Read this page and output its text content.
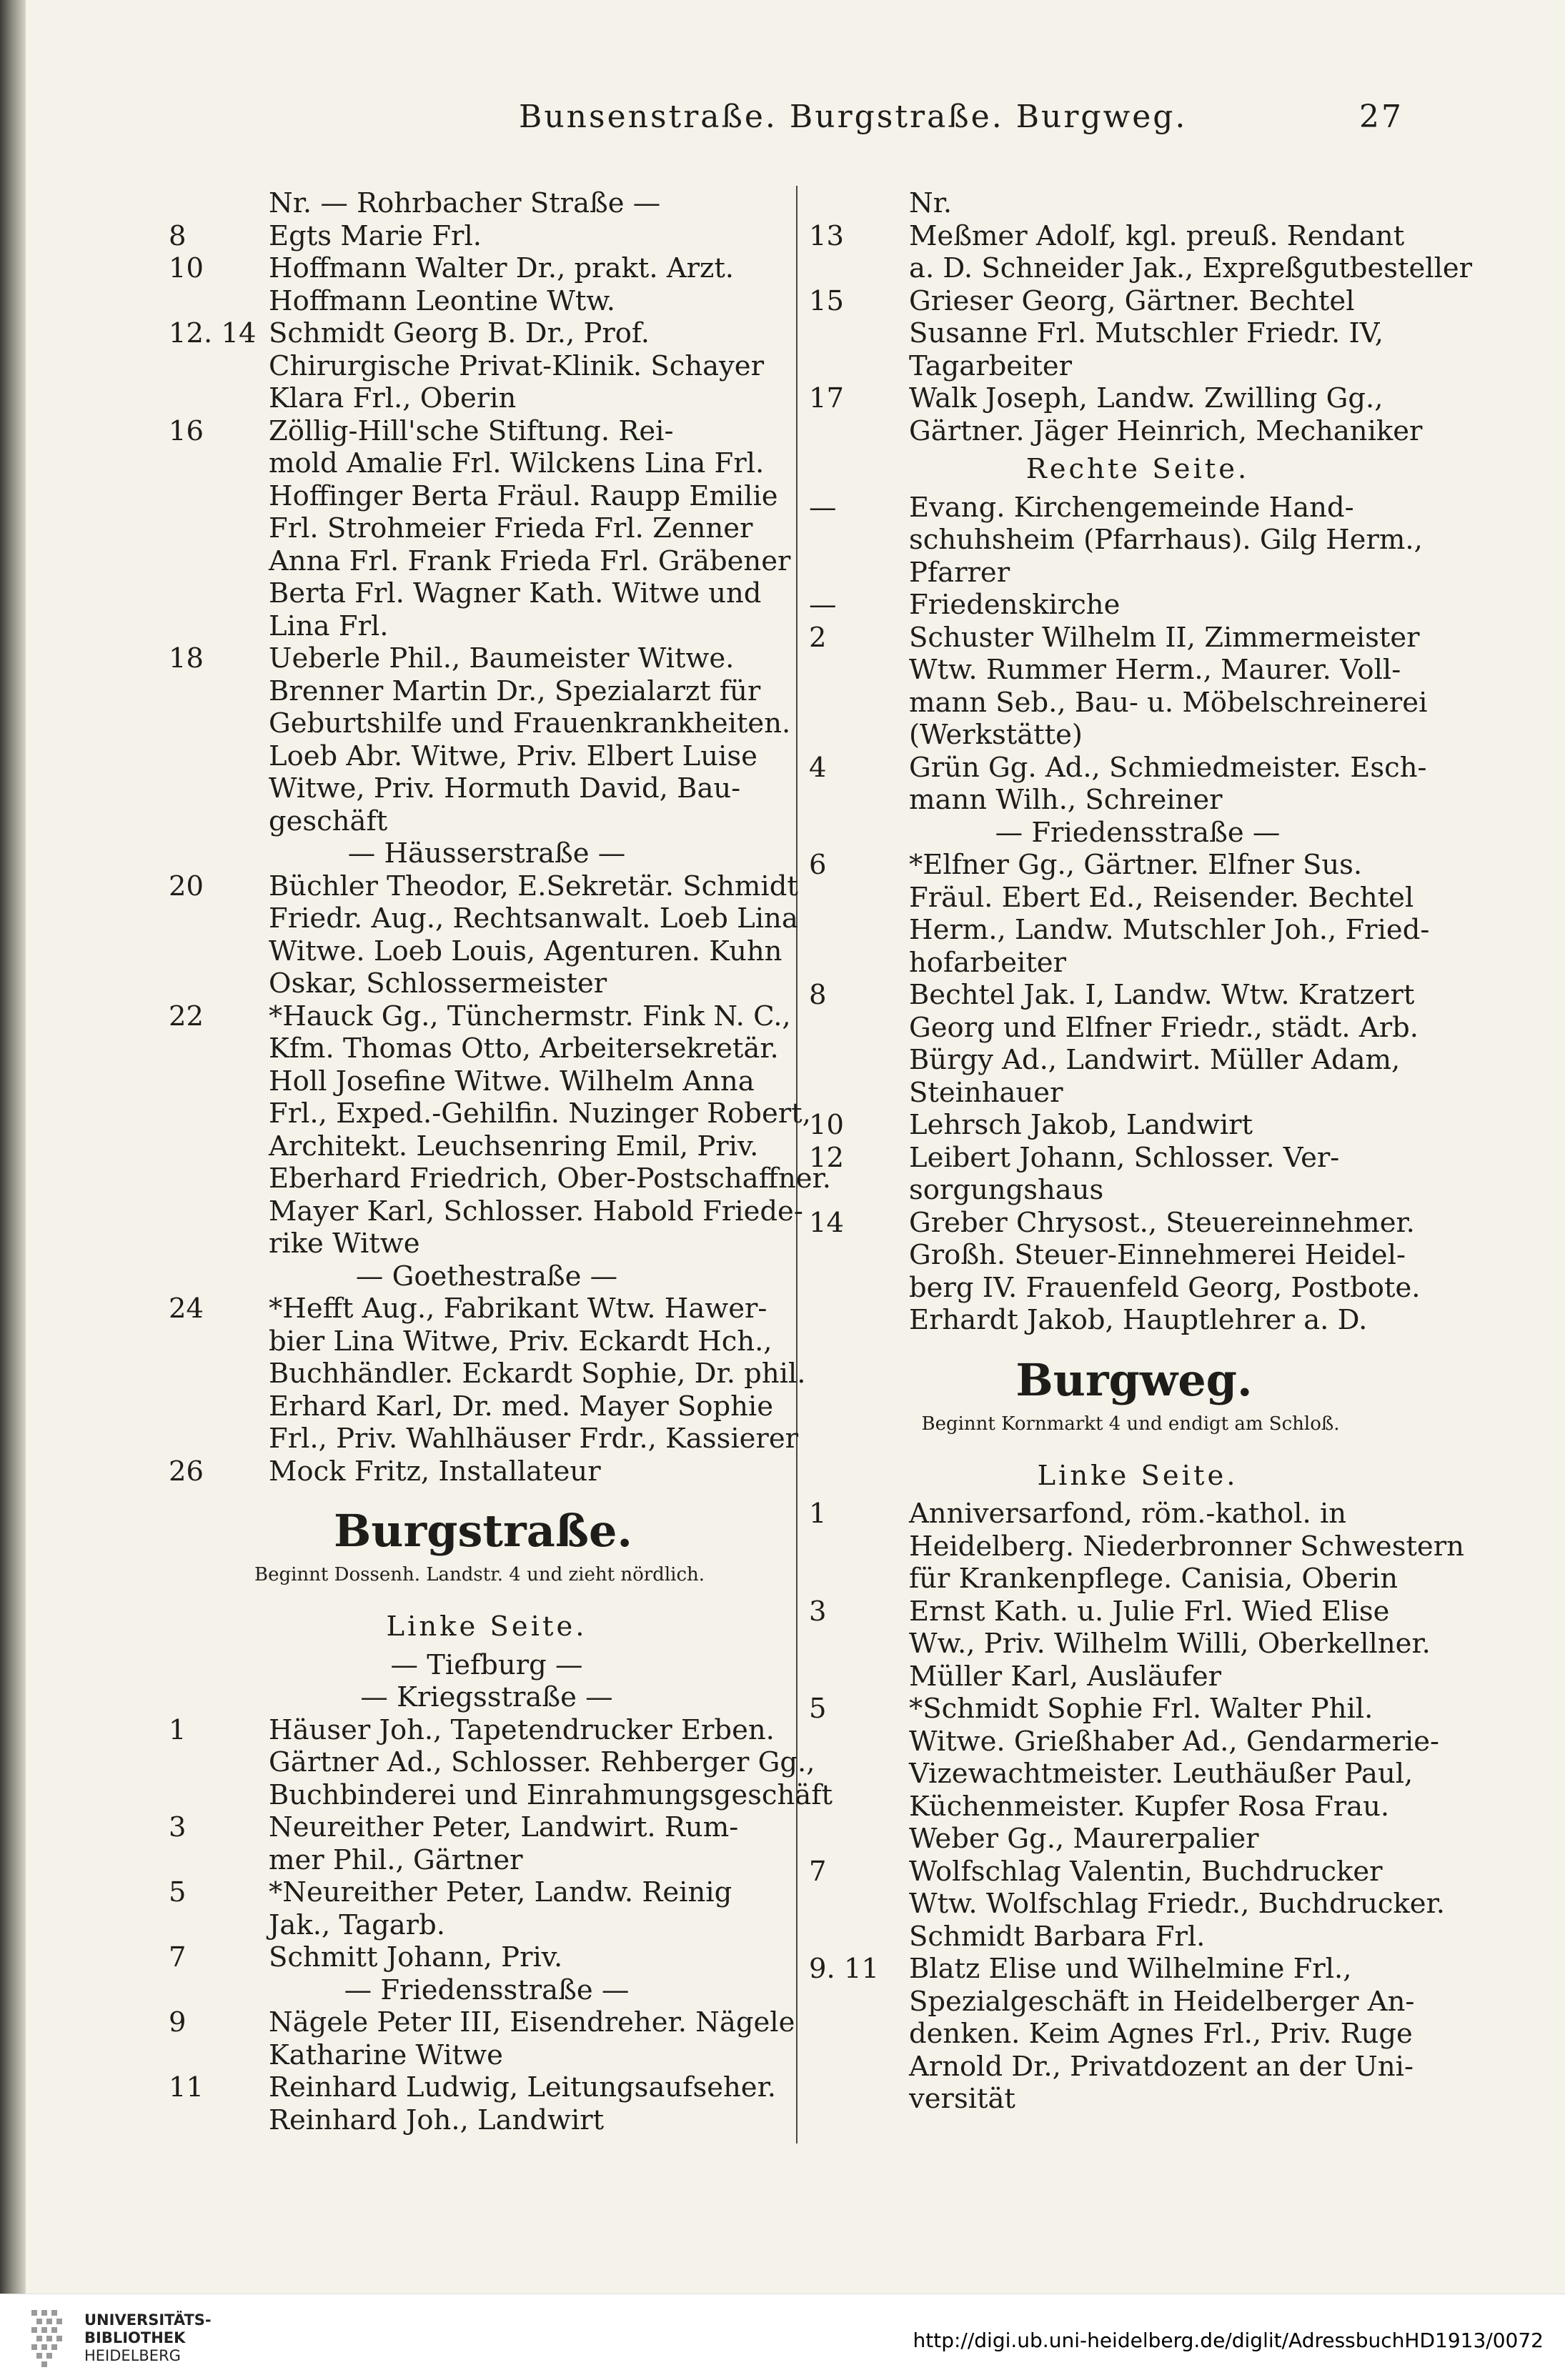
Bunsenstraße. Burgstraße. Burgweg.	27
Nr. — Rohrbacher Straße —
8	Egts Marie Frl.
10 Hoffmann Walter Dr., prakt. Arzt.
Hoffmann Leontine Wtw.
12. 14 Schmidt Georg B. Dr., Prof.
Chirurgische Privat-Klinik. Schayer
Klara Frl., Oberin
16 Zöllig-Hill'sche Stiftung. Rei-
mold Amalie Frl. Wilckens Lina Frl.
Hoffinger Berta Fräul. Raupp Emilie
Frl. Strohmeier Frieda Frl. Zenner
Anna Frl. Frank Frieda Frl. Gräbener
Berta Frl. Wagner Kath. Witwe und
Lina Frl.
18 Ueberle Phil., Baumeister Witwe.
Brenner Martin Dr., Spezialarzt für
Geburtshilfe und Frauenkrankheiten.
Loeb Abr. Witwe, Priv. Elbert Luise
Witwe, Priv. Hormuth David, Bau-
geschäft
— Häusserstraße —
20 Büchler Theodor, E.Sekretär. Schmidt
Friedr. Aug., Rechtsanwalt. Loeb Lina
Witwe. Loeb Louis, Agenturen. Kuhn
Oskar, Schlossermeister
22 *Hauck Gg., Tünchermstr. Fink N. C.,
Kfm. Thomas Otto, Arbeitersekretär.
Holl Josefine Witwe. Wilhelm Anna
Frl., Exped.-Gehilfin. Nuzinger Robert,
Architekt. Leuchsenring Emil, Priv.
Eberhard Friedrich, Ober-Postschaffner.
Mayer Karl, Schlosser. Habold Friede-
rike Witwe
— Goethestraße —
24 *Hefft Aug., Fabrikant Wtw. Hawer-
bier Lina Witwe, Priv. Eckardt Hch.,
Buchhändler. Eckardt Sophie, Dr. phil.
Erhard Karl, Dr. med. Mayer Sophie
Frl., Priv. Wahlhäuser Frdr., Kassierer
26 Mock Fritz, Installateur
Burgstraße.
Beginnt Dossenh. Landstr. 4 und zieht nördlich.
Linke Seite.
— Tiefburg —
— Kriegsstraße —
1	Häuser Joh., Tapetendrucker Erben.
Gärtner Ad., Schlosser. Rehberger Gg.,
Buchbinderei und Einrahmungsgeschäft
3	Neureither Peter, Landwirt. Rum-
mer Phil., Gärtner
5	*Neureither Peter, Landw. Reinig
Jak., Tagarb.
7	Schmitt Johann, Priv.
— Friedensstraße —
9	Nägele Peter III, Eisendreher. Nägele
Katharine Witwe
11 Reinhard Ludwig, Leitungsaufseher.
Reinhard Joh., Landwirt
Nr.
13 Meßmer Adolf, kgl. preuß. Rendant
a. D. Schneider Jak., Expreßgutbesteller
15 Grieser Georg, Gärtner. Bechtel
Susanne Frl. Mutschler Friedr. IV,
Tagarbeiter
17 Walk Joseph, Landw. Zwilling Gg.,
Gärtner. Jäger Heinrich, Mechaniker
Rechte Seite.
—	Evang. Kirchengemeinde Hand-
schuhsheim (Pfarrhaus). Gilg Herm.,
Pfarrer
—	Friedenskirche
2	Schuster Wilhelm II, Zimmermeister
Wtw. Rummer Herm., Maurer. Voll-
mann Seb., Bau- u. Möbelschreinerei
(Werkstätte)
4	Grün Gg. Ad., Schmiedmeister. Esch-
mann Wilh., Schreiner
— Friedensstraße —
6	*Elfner Gg., Gärtner. Elfner Sus.
Fräul. Ebert Ed., Reisender. Bechtel
Herm., Landw. Mutschler Joh., Fried-
hofarbeiter
8	Bechtel Jak. I, Landw. Wtw. Kratzert
Georg und Elfner Friedr., städt. Arb.
Bürgy Ad., Landwirt. Müller Adam,
Steinhauer
10 Lehrsch Jakob, Landwirt
12 Leibert Johann, Schlosser. Ver-
sorgungshaus
14 Greber Chrysost., Steuereinnehmer.
Großh. Steuer-Einnehmerei Heidel-
berg IV. Frauenfeld Georg, Postbote.
Erhardt Jakob, Hauptlehrer a. D.
Burgweg.
Beginnt Kornmarkt 4 und endigt am Schloß.
Linke Seite.
1	Anniversarfond, röm.-kathol. in
Heidelberg. Niederbronner Schwestern
für Krankenpflege. Canisia, Oberin
3	Ernst Kath. u. Julie Frl. Wied Elise
Ww., Priv. Wilhelm Willi, Oberkellner.
Müller Karl, Ausläufer
5	*Schmidt Sophie Frl. Walter Phil.
Witwe. Grießhaber Ad., Gendarmerie-
Vizewachtmeister. Leuthäußer Paul,
Küchenmeister. Kupfer Rosa Frau.
Weber Gg., Maurerpalier
7	Wolfschlag Valentin, Buchdrucker
Wtw. Wolfschlag Friedr., Buchdrucker.
Schmidt Barbara Frl.
9. 11 Blatz Elise und Wilhelmine Frl.,
Spezialgeschäft in Heidelberger An-
denken. Keim Agnes Frl., Priv. Ruge
Arnold Dr., Privatdozent an der Uni-
versität
UNIVERSITÄTS-
BIBLIOTHEK
HEIDELBERG
http://digi.ub.uni-heidelberg.de/diglit/AdressbuchHD1913/0072
